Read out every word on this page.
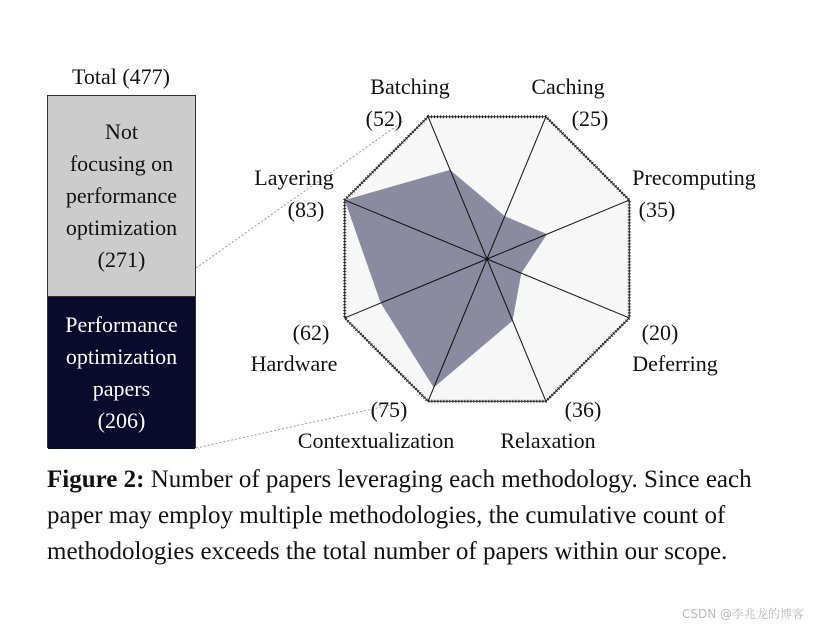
Total (477)
Not
focusing on
performance
optimization
(271)
Performance
optimization
papers
(206)
Batching
(52)
Caching
(25)
Precomputing
(35)
Deferring
(20)
Relaxation
(36)
Contextualization
(75)
Hardware
(62)
Layering
(83)

Figure 2: Number of papers leveraging each methodology. Since each paper may employ multiple methodologies, the cumulative count of methodologies exceeds the total number of papers within our scope.

CSDN @李兆龙的博客
